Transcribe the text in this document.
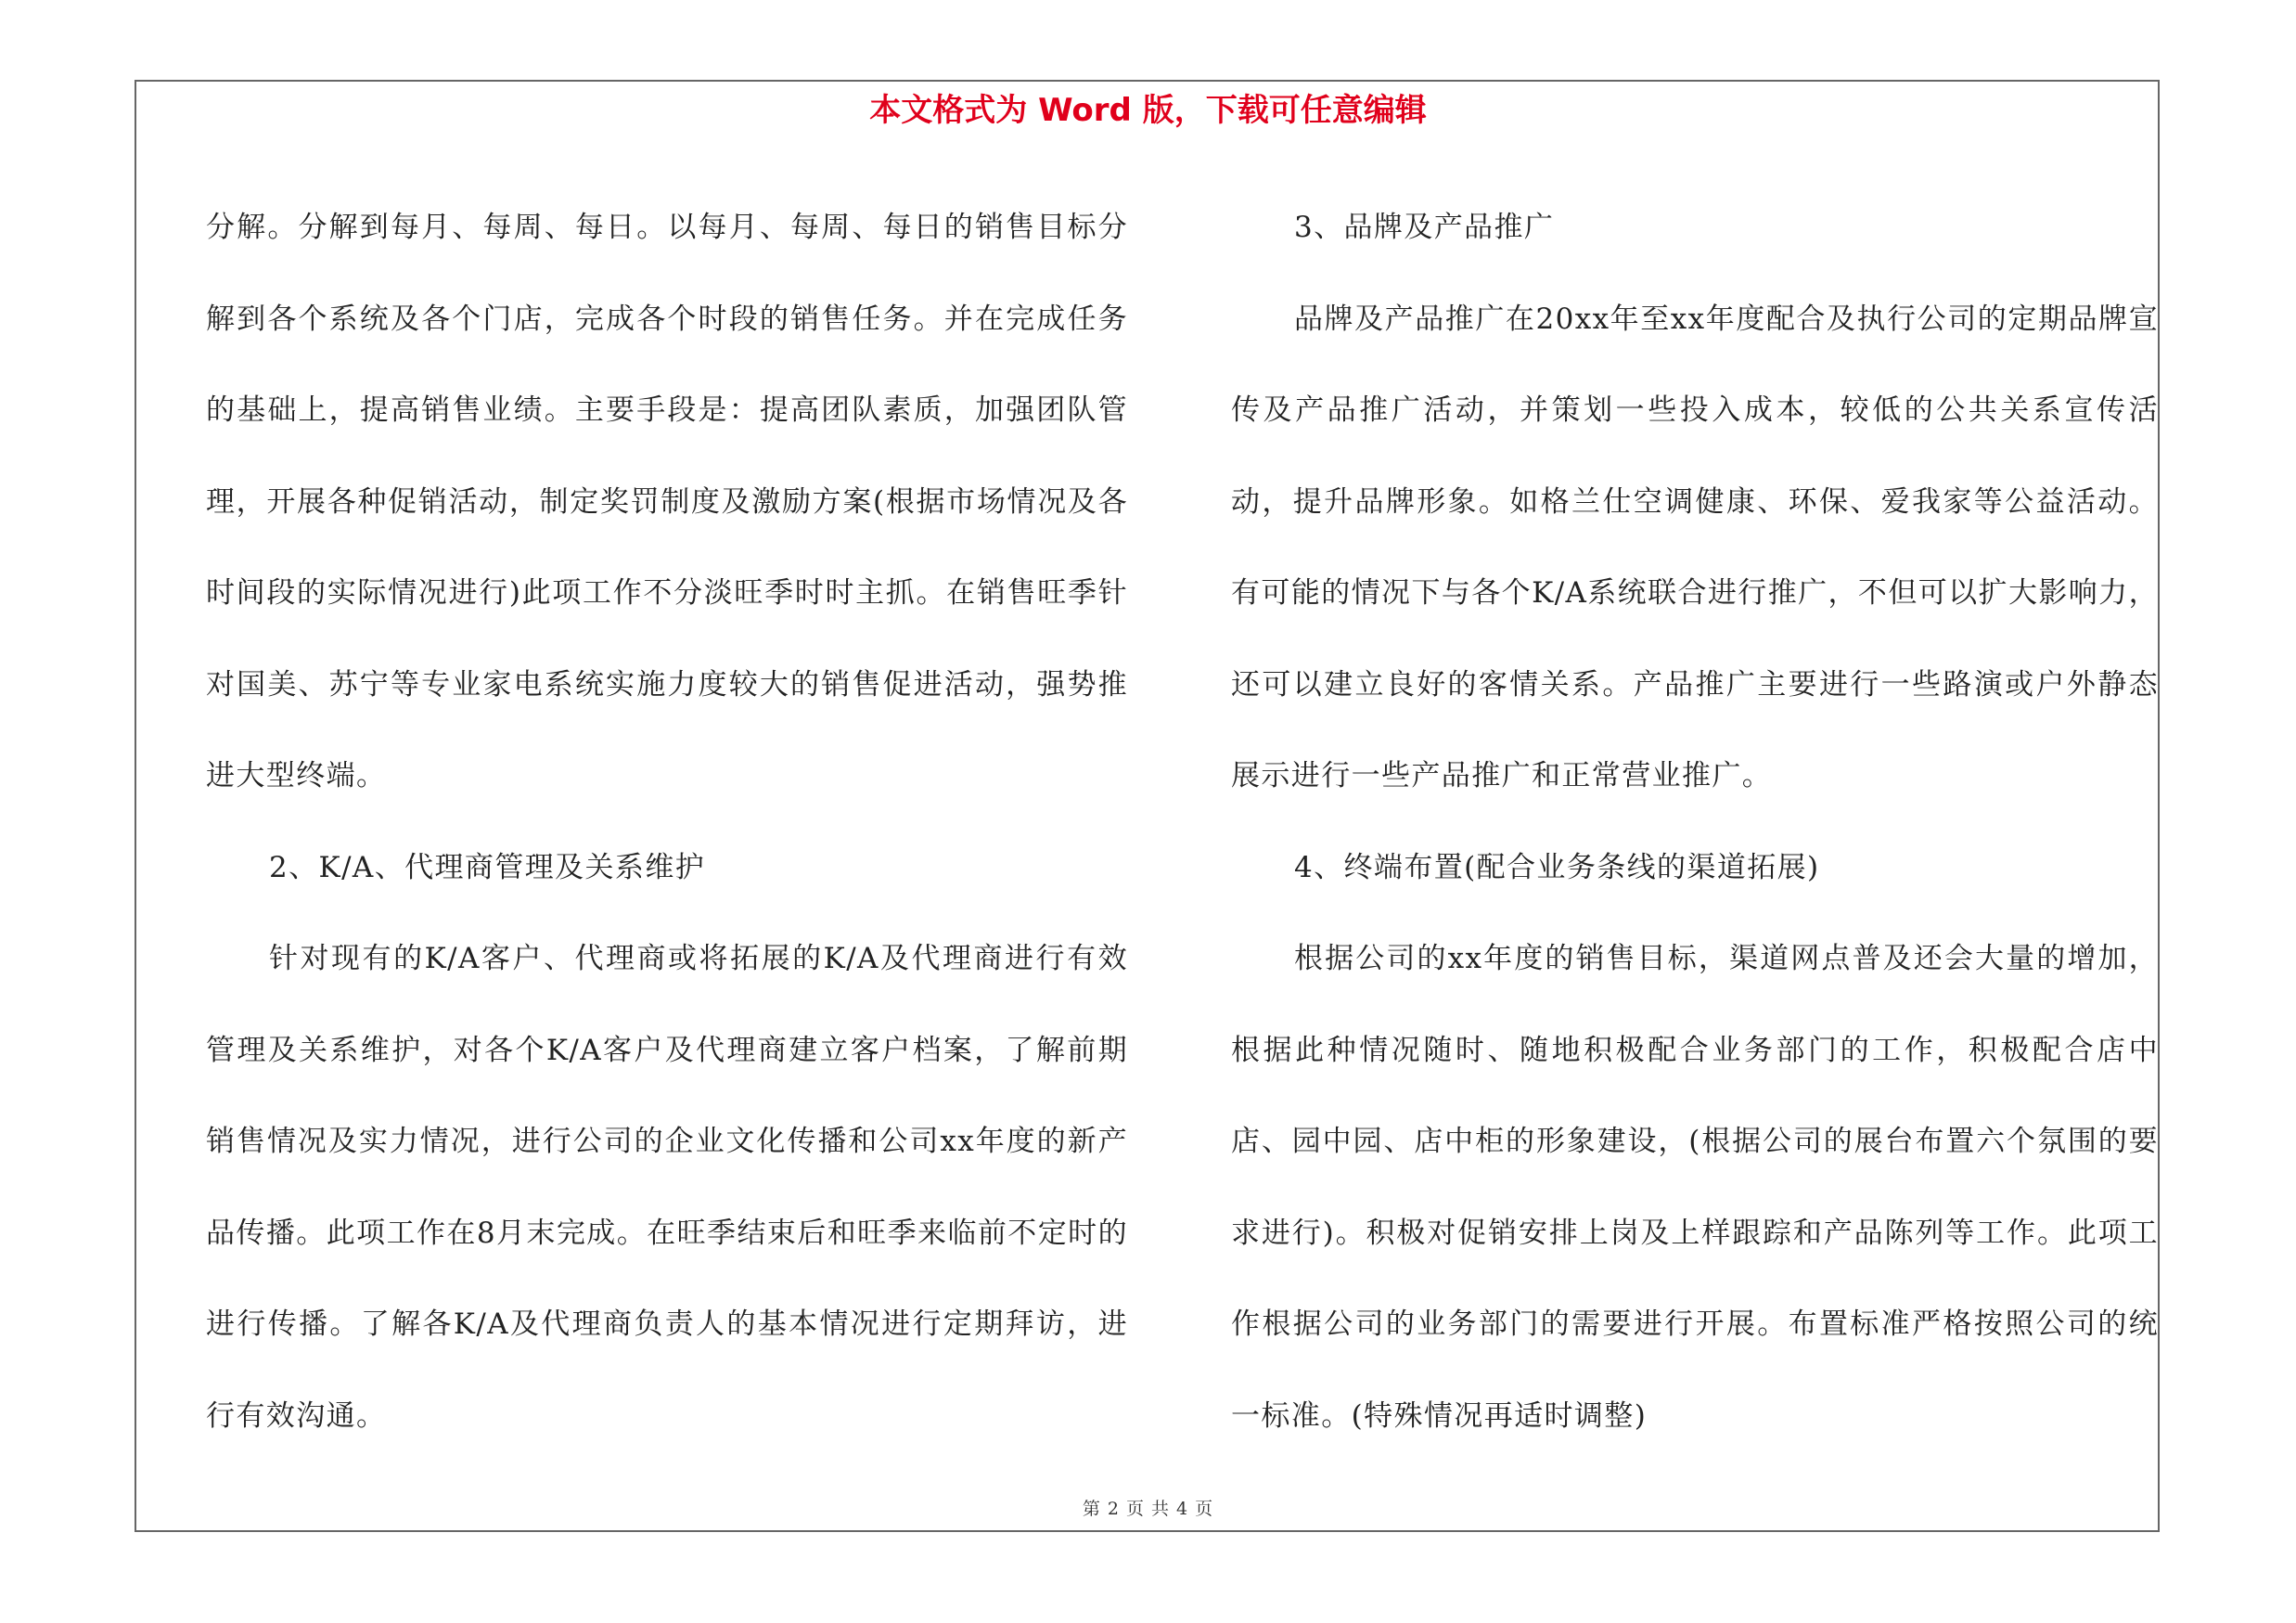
本文格式为 Word 版，下载可任意编辑

分解。分解到每月、每周、每日。以每月、每周、每日的销售目标分解到各个系统及各个门店，完成各个时段的销售任务。并在完成任务的基础上，提高销售业绩。主要手段是：提高团队素质，加强团队管理，开展各种促销活动，制定奖罚制度及激励方案(根据市场情况及各时间段的实际情况进行)此项工作不分淡旺季时时主抓。在销售旺季针对国美、苏宁等专业家电系统实施力度较大的销售促进活动，强势推进大型终端。

2、K/A、代理商管理及关系维护

针对现有的K/A客户、代理商或将拓展的K/A及代理商进行有效管理及关系维护，对各个K/A客户及代理商建立客户档案，了解前期销售情况及实力情况，进行公司的企业文化传播和公司xx年度的新产品传播。此项工作在8月末完成。在旺季结束后和旺季来临前不定时的进行传播。了解各K/A及代理商负责人的基本情况进行定期拜访，进行有效沟通。

3、品牌及产品推广

品牌及产品推广在20xx年至xx年度配合及执行公司的定期品牌宣传及产品推广活动，并策划一些投入成本，较低的公共关系宣传活动，提升品牌形象。如格兰仕空调健康、环保、爱我家等公益活动。有可能的情况下与各个K/A系统联合进行推广，不但可以扩大影响力，还可以建立良好的客情关系。产品推广主要进行一些路演或户外静态展示进行一些产品推广和正常营业推广。

4、终端布置(配合业务条线的渠道拓展)

根据公司的xx年度的销售目标，渠道网点普及还会大量的增加，根据此种情况随时、随地积极配合业务部门的工作，积极配合店中店、园中园、店中柜的形象建设，(根据公司的展台布置六个氛围的要求进行)。积极对促销安排上岗及上样跟踪和产品陈列等工作。此项工作根据公司的业务部门的需要进行开展。布置标准严格按照公司的统一标准。(特殊情况再适时调整)

第 2 页 共 4 页
